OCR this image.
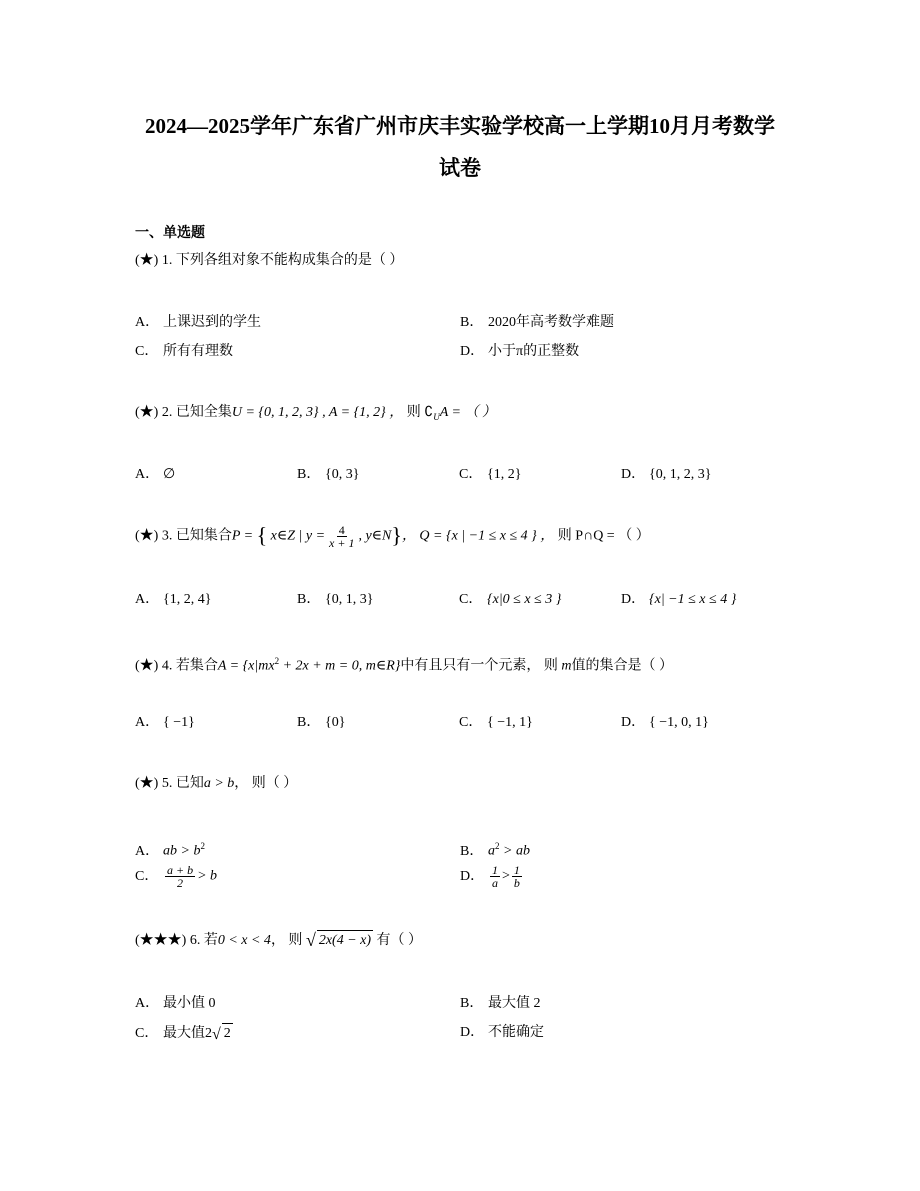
2024—2025学年广东省广州市庆丰实验学校高一上学期10月月考数学
试卷
一、单选题
(★) 1. 下列各组对象不能构成集合的是（ ）
A． 上课迟到的学生	B． 2020年高考数学难题
C． 所有有理数	D． 小于π的正整数
(★) 2. 已知全集U = {0, 1, 2, 3} , A = {1, 2} ， 则 $∁_UA$ = （ ）
A． ∅	B． {0, 3}	C． {1, 2}	D． {0, 1, 2, 3}
(★) 3. 已知集合P = { x∈Z | $y = \frac{4}{x + 1}$ , y∈N}， Q = {x | −1 ≤ x ≤ 4 } ， 则 P∩Q = （ ）
A． {1, 2, 4}	B． {0, 1, 3}	C． {x|0 ≤ x ≤ 3 }	D． {x| −1 ≤ x ≤ 4 }
(★) 4. 若集合$A = \{x|mx^2 + 2x + m = 0$, m∈R}中有且只有一个元素， 则 m值的集合是（ ）
A． { −1}	B． {0}	C． { −1, 1}	D． { −1, 0, 1}
(★) 5. 已知a > b， 则（ ）
A． ab > $b^2$	B． $a^2$ > ab
C． $\frac{a + b}{2} > b$	D． $\frac{1}{a} > \frac{1}{b}$
(★★★) 6. 若0 < x < 4， 则 √ 2x(4 − x) 有（ ）
A． 最小值 0	B． 最大值 2
C． 最大值2√ 2	D． 不能确定
